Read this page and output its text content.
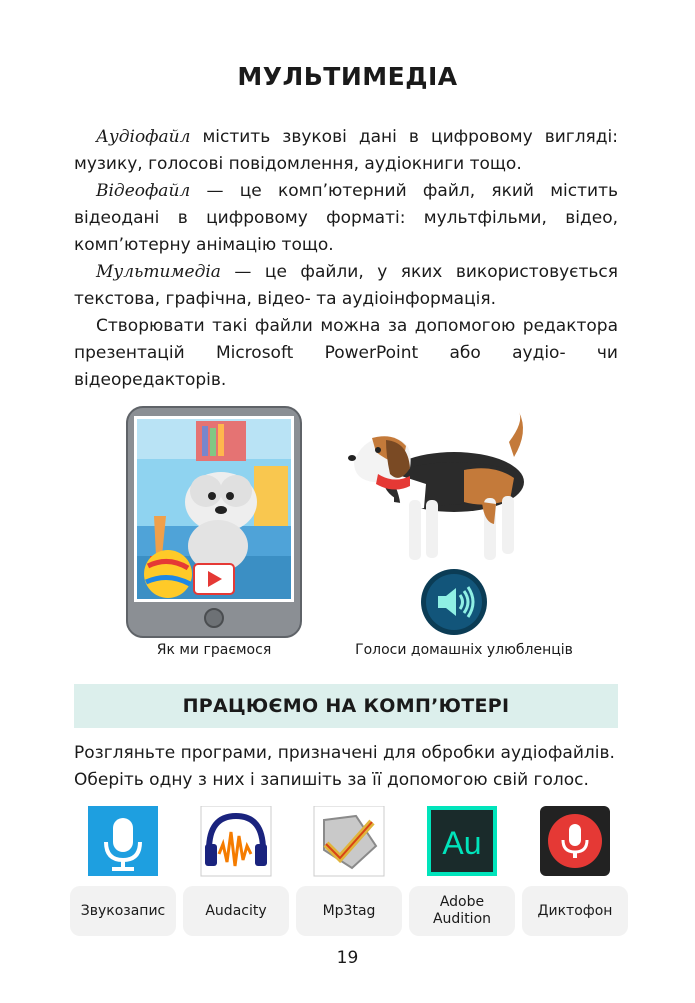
МУЛЬТИМЕДІА

Аудіофайл містить звукові дані в цифровому вигляді: музику, голосові повідомлення, аудіокниги тощо.

Відеофайл — це комп’ютерний файл, який містить відеодані в цифровому форматі: мультфільми, відео, комп’ютерну анімацію тощо.

Мультимедіа — це файли, у яких використовується текстова, графічна, відео- та аудіоінформація.

Створювати такі файли можна за допомогою редактора презентацій Microsoft PowerPoint або аудіо- чи відеоредакторів.

Як ми граємося	Голоси домашніх улюбленців
ПРАЦЮЄМО НА КОМП’ЮТЕРІ
Розгляньте програми, призначені для обробки аудіофайлів.
Оберіть одну з них і запишіть за її допомогою свій голос.
Звукозапис	Audacity	Mp3tag
Au
Adobe Audition
Диктофон
19
